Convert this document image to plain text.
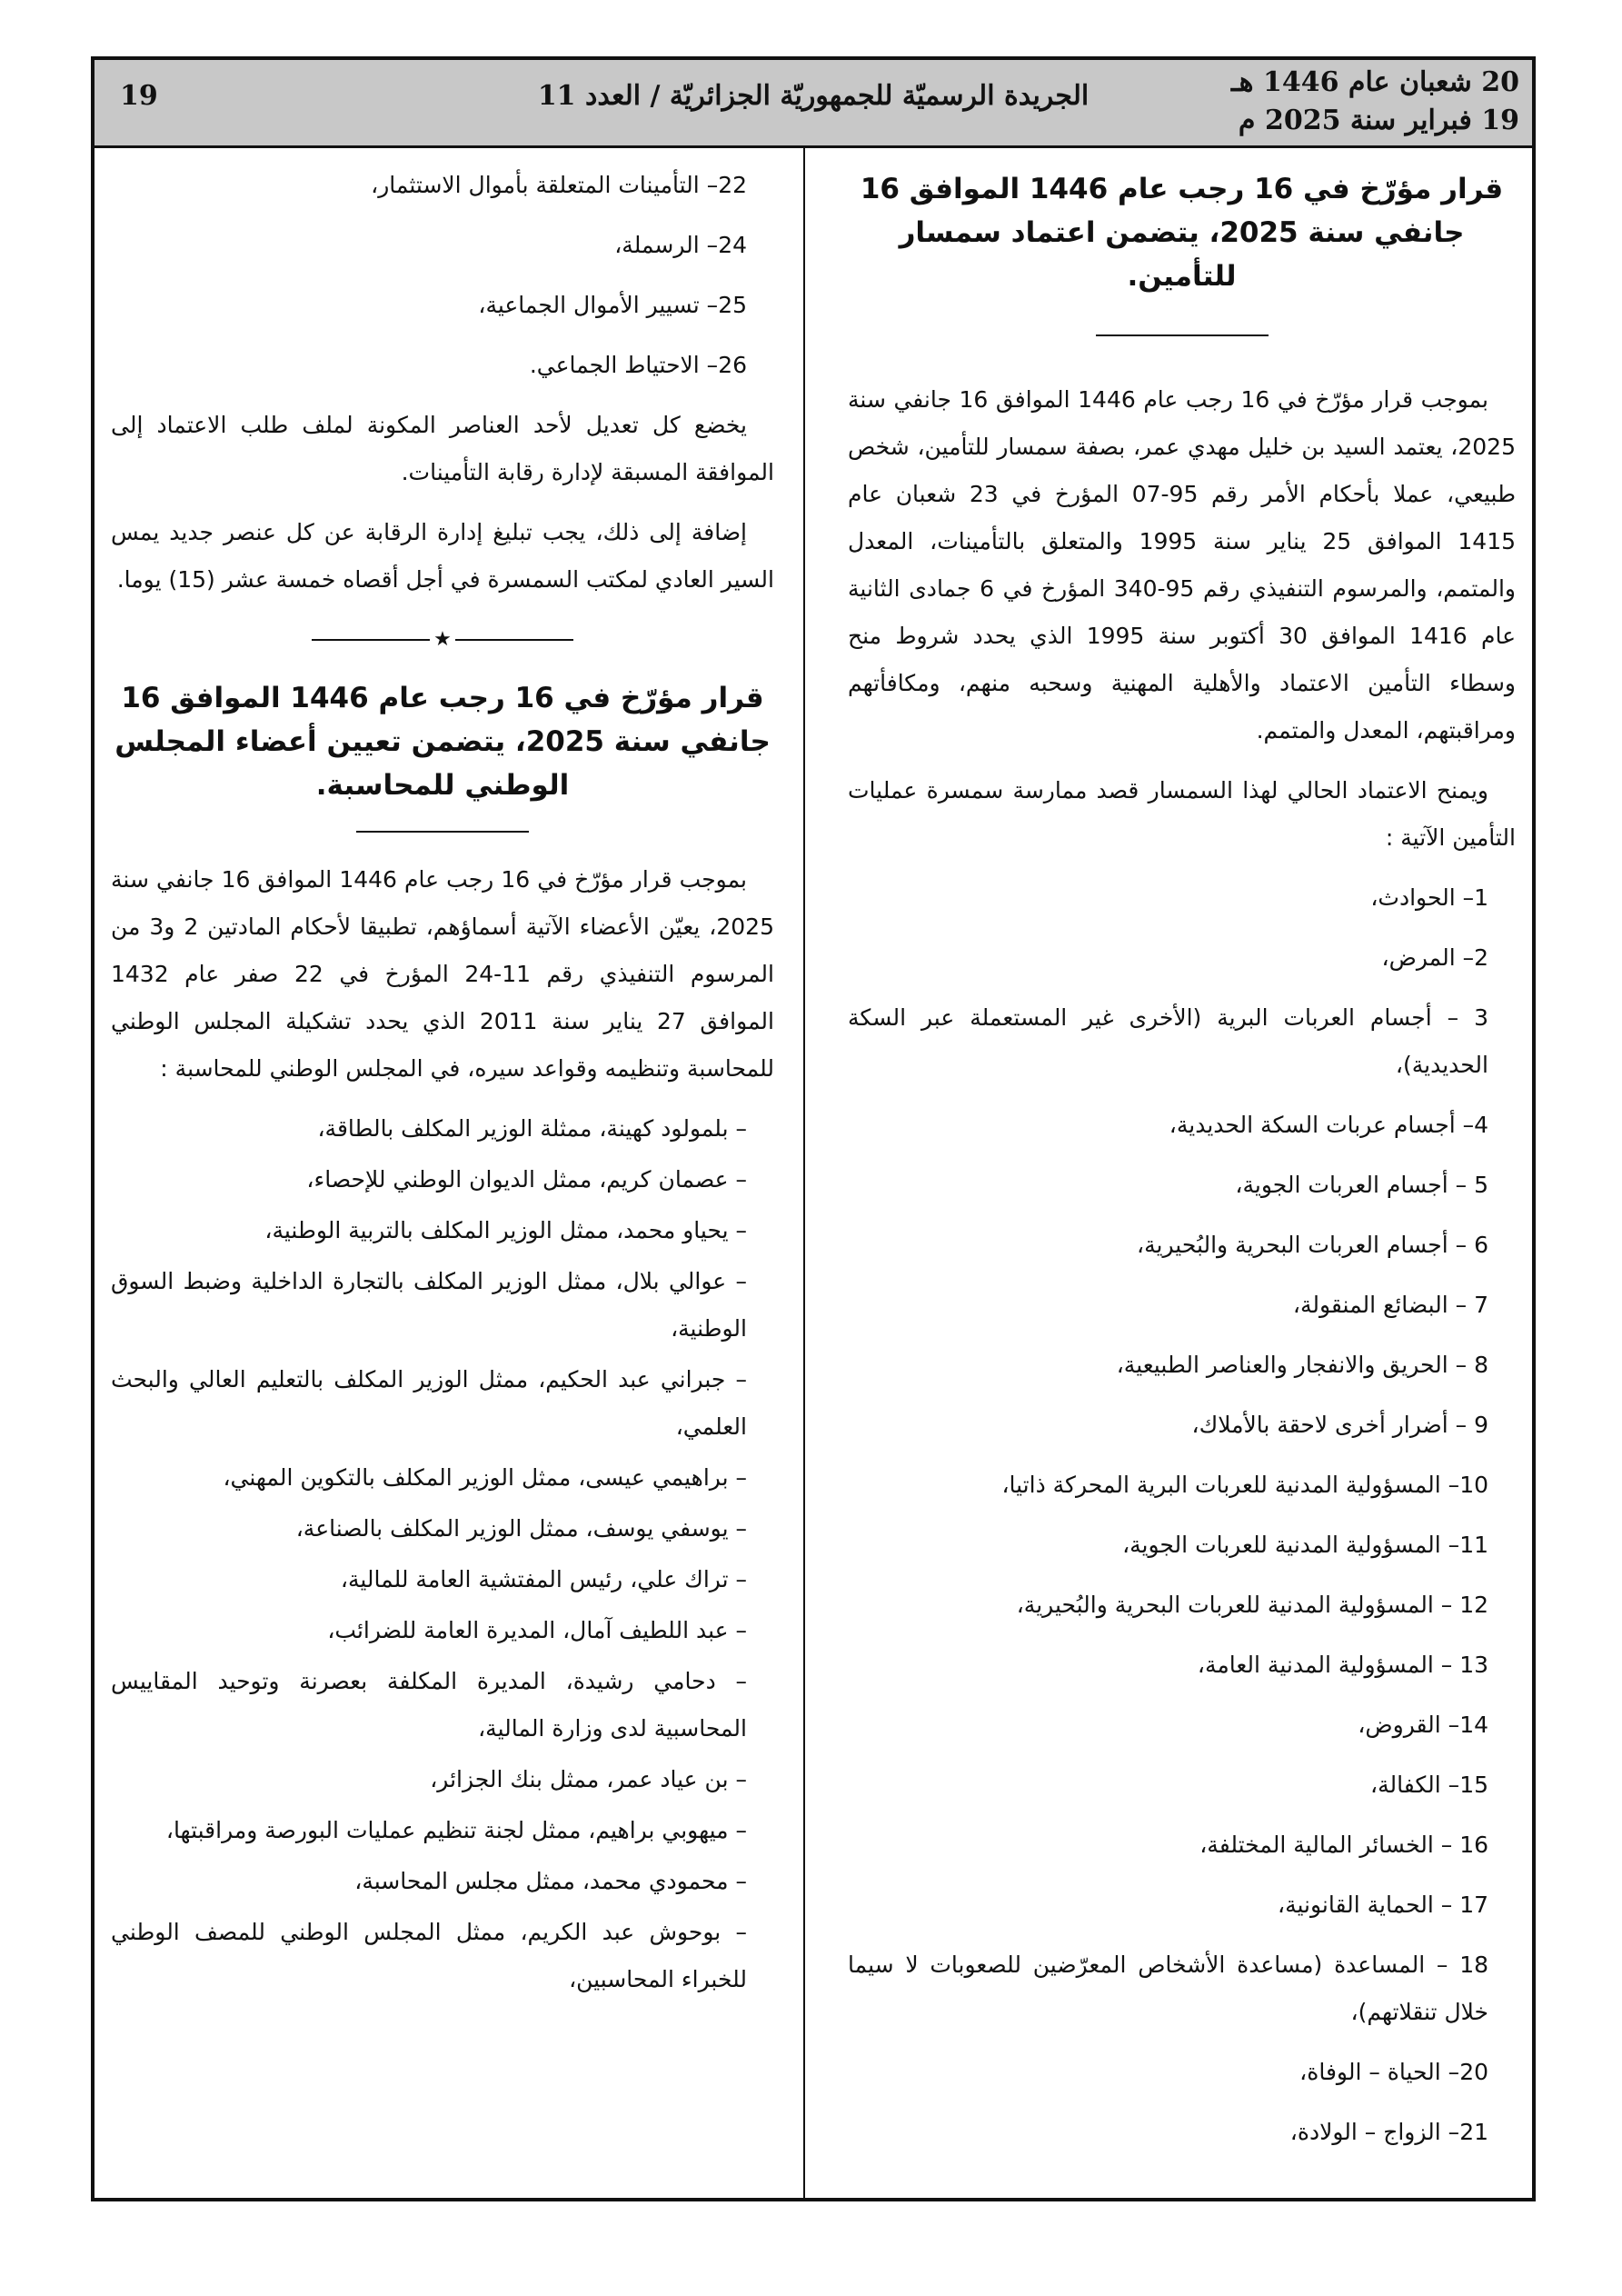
20 شعبان عام 1446 هـ
19 فبراير سنة 2025 م
الجريدة الرسميّة للجمهوريّة الجزائريّة / العدد 11
19
قرار مؤرّخ في 16 رجب عام 1446 الموافق 16 جانفي سنة 2025، يتضمن اعتماد سمسار للتأمين.

بموجب قرار مؤرّخ في 16 رجب عام 1446 الموافق 16 جانفي سنة 2025، يعتمد السيد بن خليل مهدي عمر، بصفة سمسار للتأمين، شخص طبيعي، عملا بأحكام الأمر رقم 95-07 المؤرخ في 23 شعبان عام 1415 الموافق 25 يناير سنة 1995 والمتعلق بالتأمينات، المعدل والمتمم، والمرسوم التنفيذي رقم 95-340 المؤرخ في 6 جمادى الثانية عام 1416 الموافق 30 أكتوبر سنة 1995 الذي يحدد شروط منح وسطاء التأمين الاعتماد والأهلية المهنية وسحبه منهم، ومكافأتهم ومراقبتهم، المعدل والمتمم.

ويمنح الاعتماد الحالي لهذا السمسار قصد ممارسة سمسرة عمليات التأمين الآتية :

1– الحوادث،
2– المرض،
3 – أجسام العربات البرية (الأخرى غير المستعملة عبر السكة الحديدية)،
4– أجسام عربات السكة الحديدية،
5 – أجسام العربات الجوية،
6 – أجسام العربات البحرية والبُحيرية،
7 – البضائع المنقولة،
8 – الحريق والانفجار والعناصر الطبيعية،
9 – أضرار أخرى لاحقة بالأملاك،
10– المسؤولية المدنية للعربات البرية المحركة ذاتيا،
11– المسؤولية المدنية للعربات الجوية،
12 – المسؤولية المدنية للعربات البحرية والبُحيرية،
13 – المسؤولية المدنية العامة،
14– القروض،
15– الكفالة،
16 – الخسائر المالية المختلفة،
17 – الحماية القانونية،
18 – المساعدة (مساعدة الأشخاص المعرّضين للصعوبات لا سيما خلال تنقلاتهم)،
20– الحياة – الوفاة،
21– الزواج – الولادة،
22– التأمينات المتعلقة بأموال الاستثمار،
24– الرسملة،
25– تسيير الأموال الجماعية،
26– الاحتياط الجماعي.

يخضع كل تعديل لأحد العناصر المكونة لملف طلب الاعتماد إلى الموافقة المسبقة لإدارة رقابة التأمينات.

إضافة إلى ذلك، يجب تبليغ إدارة الرقابة عن كل عنصر جديد يمس السير العادي لمكتب السمسرة في أجل أقصاه خمسة عشر (15) يوما.

★
قرار مؤرّخ في 16 رجب عام 1446 الموافق 16 جانفي سنة 2025، يتضمن تعيين أعضاء المجلس الوطني للمحاسبة.

بموجب قرار مؤرّخ في 16 رجب عام 1446 الموافق 16 جانفي سنة 2025، يعيّن الأعضاء الآتية أسماؤهم، تطبيقا لأحكام المادتين 2 و3 من المرسوم التنفيذي رقم 11-24 المؤرخ في 22 صفر عام 1432 الموافق 27 يناير سنة 2011 الذي يحدد تشكيلة المجلس الوطني للمحاسبة وتنظيمه وقواعد سيره، في المجلس الوطني للمحاسبة :

– بلمولود كهينة، ممثلة الوزير المكلف بالطاقة،
– عصمان كريم، ممثل الديوان الوطني للإحصاء،
– يحياو محمد، ممثل الوزير المكلف بالتربية الوطنية،
– عوالي بلال، ممثل الوزير المكلف بالتجارة الداخلية وضبط السوق الوطنية،
– جبراني عبد الحكيم، ممثل الوزير المكلف بالتعليم العالي والبحث العلمي،
– براهيمي عيسى، ممثل الوزير المكلف بالتكوين المهني،
– يوسفي يوسف، ممثل الوزير المكلف بالصناعة،
– تراك علي، رئيس المفتشية العامة للمالية،
– عبد اللطيف آمال، المديرة العامة للضرائب،
– دحامي رشيدة، المديرة المكلفة بعصرنة وتوحيد المقاييس المحاسبية لدى وزارة المالية،
– بن عياد عمر، ممثل بنك الجزائر،
– ميهوبي براهيم، ممثل لجنة تنظيم عمليات البورصة ومراقبتها،
– محمودي محمد، ممثل مجلس المحاسبة،
– بوحوش عبد الكريم، ممثل المجلس الوطني للمصف الوطني للخبراء المحاسبين،
